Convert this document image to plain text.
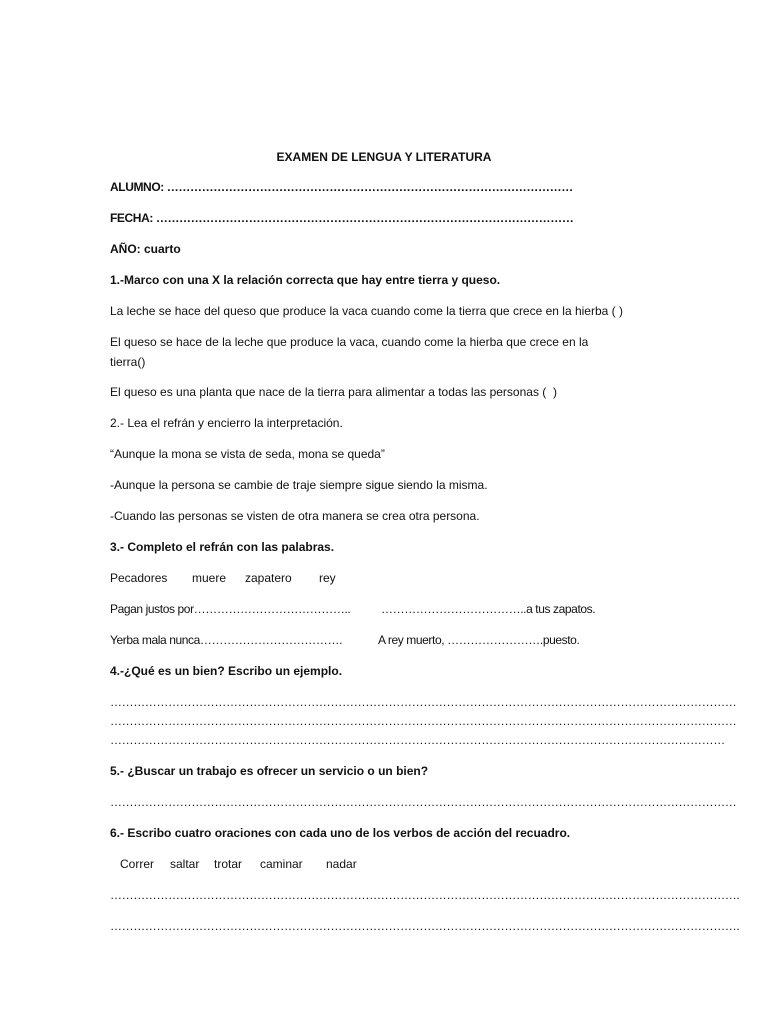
EXAMEN DE LENGUA Y LITERATURA
ALUMNO: ……………………………………………………………………………………………
FECHA: ………………………………………………………………………………………………
AÑO: cuarto
1.-Marco con una X la relación correcta que hay entre tierra y queso.
La leche se hace del queso que produce la vaca cuando come la tierra que crece en la hierba ( )
El queso se hace de la leche que produce la vaca, cuando come la hierba que crece en la
tierra()
El queso es una planta que nace de la tierra para alimentar a todas las personas (  )
2.- Lea el refrán y encierro la interpretación.
“Aunque la mona se vista de seda, mona se queda”
-Aunque la persona se cambie de traje siempre sigue siendo la misma.
-Cuando las personas se visten de otra manera se crea otra persona.
3.- Completo el refrán con las palabras.
Pecadores muere zapatero rey
Pagan justos por…………………………………..	………………………………..a tus zapatos.
Yerba mala nunca……………………………….	A rey muerto, …………………….puesto.
4.-¿Qué es un bien? Escribo un ejemplo.
………………………………………………………………………………………………………………………………………………
………………………………………………………………………………………………………………………………………………
……………………………………………………………………………………………………………………………………………
5.- ¿Buscar un trabajo es ofrecer un servicio o un bien?
………………………………………………………………………………………………………………………………………………
6.- Escribo cuatro oraciones con cada uno de los verbos de acción del recuadro.
Correr saltar trotar caminar nadar
……………………………………………………………………………………………………………………………………………….
……………………………………………………………………………………………………………………………………………….
